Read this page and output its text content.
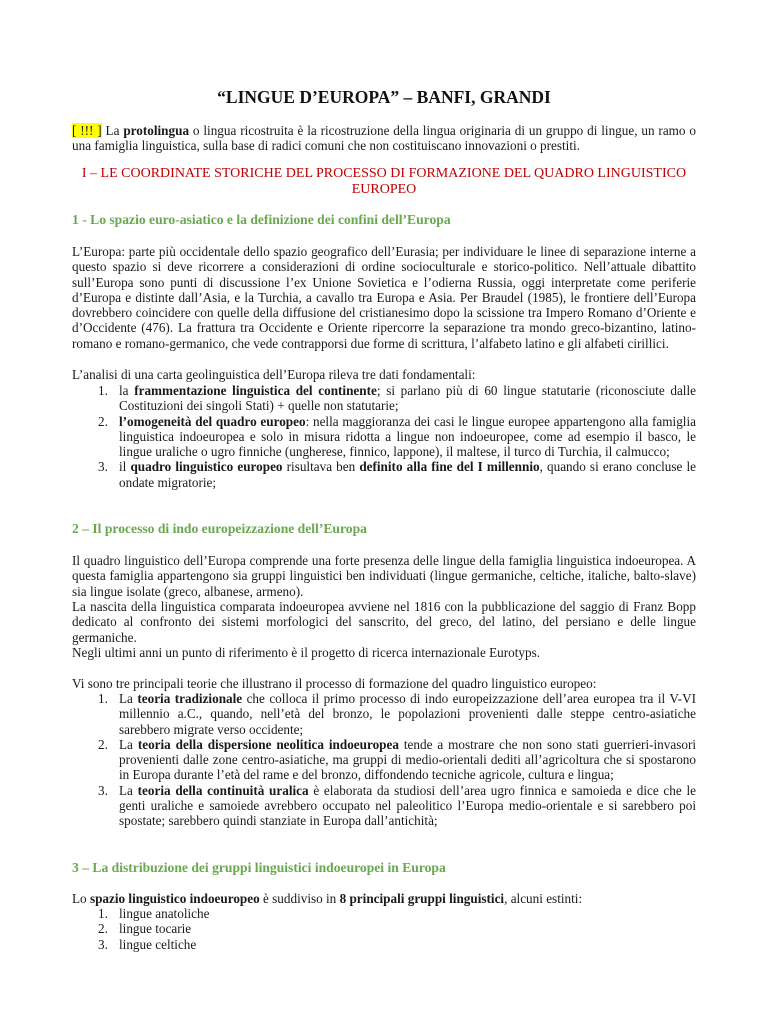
“LINGUE D’EUROPA” – BANFI, GRANDI
[ !!! ] La protolingua o lingua ricostruita è la ricostruzione della lingua originaria di un gruppo di lingue, un ramo o una famiglia linguistica, sulla base di radici comuni che non costituiscano innovazioni o prestiti.
I – LE COORDINATE STORICHE DEL PROCESSO DI FORMAZIONE DEL QUADRO LINGUISTICO EUROPEO
1 - Lo spazio euro-asiatico e la definizione dei confini dell’Europa
L’Europa: parte più occidentale dello spazio geografico dell’Eurasia; per individuare le linee di separazione interne a questo spazio si deve ricorrere a considerazioni di ordine socioculturale e storico-politico. Nell’attuale dibattito sull’Europa sono punti di discussione l’ex Unione Sovietica e l’odierna Russia, oggi interpretate come periferie d’Europa e distinte dall’Asia, e la Turchia, a cavallo tra Europa e Asia. Per Braudel (1985), le frontiere dell’Europa dovrebbero coincidere con quelle della diffusione del cristianesimo dopo la scissione tra Impero Romano d’Oriente e d’Occidente (476). La frattura tra Occidente e Oriente ripercorre la separazione tra mondo greco-bizantino, latino-romano e romano-germanico, che vede contrapporsi due forme di scrittura, l’alfabeto latino e gli alfabeti cirillici.
L’analisi di una carta geolinguistica dell’Europa rileva tre dati fondamentali:
1. la frammentazione linguistica del continente; si parlano più di 60 lingue statutarie (riconosciute dalle Costituzioni dei singoli Stati) + quelle non statutarie;
2. l’omogeneità del quadro europeo: nella maggioranza dei casi le lingue europee appartengono alla famiglia linguistica indoeuropea e solo in misura ridotta a lingue non indoeuropee, come ad esempio il basco, le lingue uraliche o ugro finniche (ungherese, finnico, lappone), il maltese, il turco di Turchia, il calmucco;
3. il quadro linguistico europeo risultava ben definito alla fine del I millennio, quando si erano concluse le ondate migratorie;
2 – Il processo di indo europeizzazione dell’Europa
Il quadro linguistico dell’Europa comprende una forte presenza delle lingue della famiglia linguistica indoeuropea. A questa famiglia appartengono sia gruppi linguistici ben individuati (lingue germaniche, celtiche, italiche, balto-slave) sia lingue isolate (greco, albanese, armeno).
La nascita della linguistica comparata indoeuropea avviene nel 1816 con la pubblicazione del saggio di Franz Bopp dedicato al confronto dei sistemi morfologici del sanscrito, del greco, del latino, del persiano e delle lingue germaniche.
Negli ultimi anni un punto di riferimento è il progetto di ricerca internazionale Eurotyps.
Vi sono tre principali teorie che illustrano il processo di formazione del quadro linguistico europeo:
1. La teoria tradizionale che colloca il primo processo di indo europeizzazione dell’area europea tra il V-VI millennio a.C., quando, nell’età del bronzo, le popolazioni provenienti dalle steppe centro-asiatiche sarebbero migrate verso occidente;
2. La teoria della dispersione neolitica indoeuropea tende a mostrare che non sono stati guerrieri-invasori provenienti dalle zone centro-asiatiche, ma gruppi di medio-orientali dediti all’agricoltura che si spostarono in Europa durante l’età del rame e del bronzo, diffondendo tecniche agricole, cultura e lingua;
3. La teoria della continuità uralica è elaborata da studiosi dell’area ugro finnica e samoieda e dice che le genti uraliche e samoiede avrebbero occupato nel paleolitico l’Europa medio-orientale e si sarebbero poi spostate; sarebbero quindi stanziate in Europa dall’antichità;
3 – La distribuzione dei gruppi linguistici indoeuropei in Europa
Lo spazio linguistico indoeuropeo è suddiviso in 8 principali gruppi linguistici, alcuni estinti:
1. lingue anatoliche
2. lingue tocarie
3. lingue celtiche
